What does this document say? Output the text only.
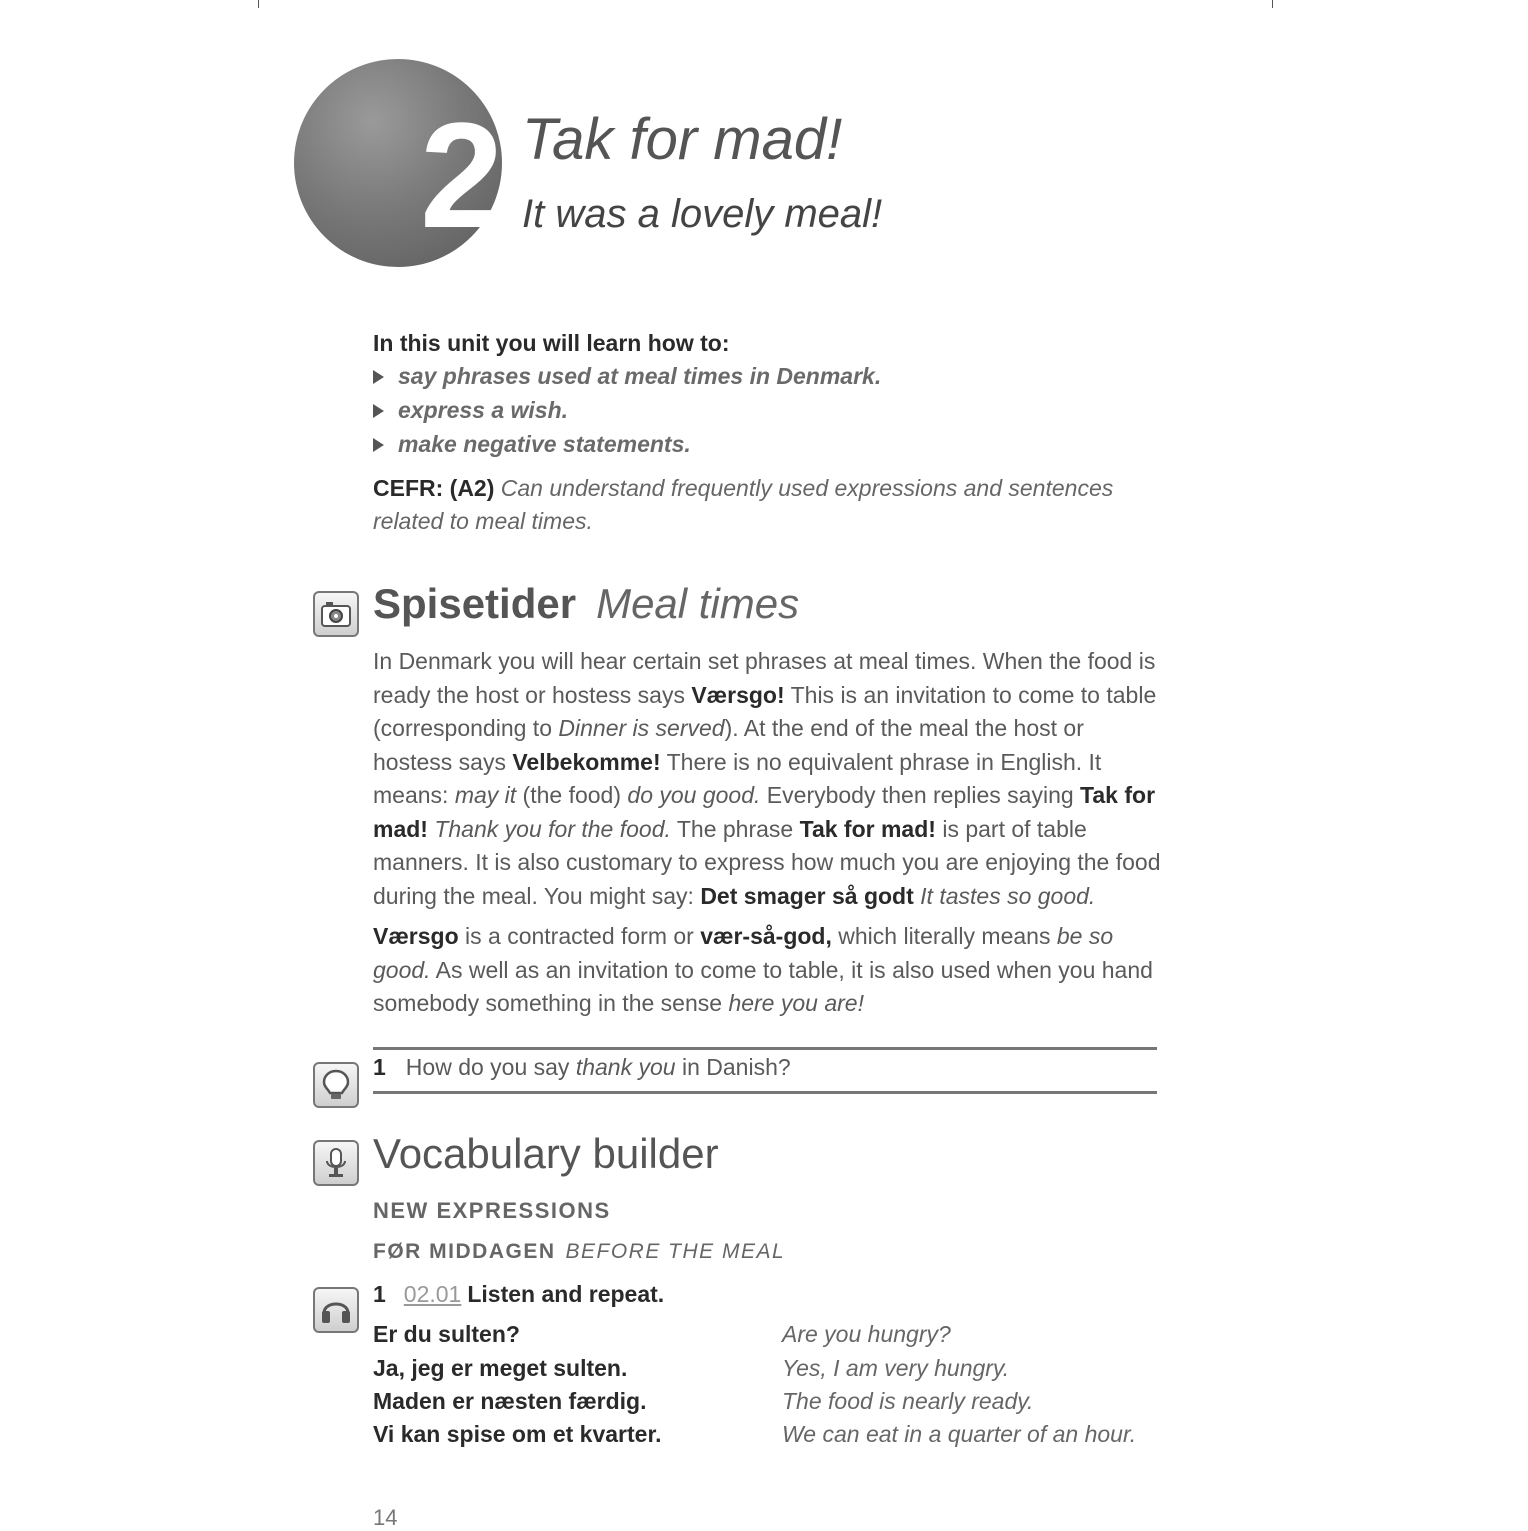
2 Tak for mad!
It was a lovely meal!
In this unit you will learn how to:
say phrases used at meal times in Denmark.
express a wish.
make negative statements.
CEFR: (A2) Can understand frequently used expressions and sentences related to meal times.
Spisetider Meal times

In Denmark you will hear certain set phrases at meal times. When the food is ready the host or hostess says Værsgo! This is an invitation to come to table (corresponding to Dinner is served). At the end of the meal the host or hostess says Velbekomme! There is no equivalent phrase in English. It means: may it (the food) do you good. Everybody then replies saying Tak for mad! Thank you for the food. The phrase Tak for mad! is part of table manners. It is also customary to express how much you are enjoying the food during the meal. You might say: Det smager så godt It tastes so good.

Værsgo is a contracted form or vær-så-god, which literally means be so good. As well as an invitation to come to table, it is also used when you hand somebody something in the sense here you are!

1 How do you say thank you in Danish?
Vocabulary builder
NEW EXPRESSIONS
FØR MIDDAGEN BEFORE THE MEAL
1 02.01 Listen and repeat.
Er du sulten?	Are you hungry?
Ja, jeg er meget sulten.	Yes, I am very hungry.
Maden er næsten færdig.	The food is nearly ready.
Vi kan spise om et kvarter.	We can eat in a quarter of an hour.
14
